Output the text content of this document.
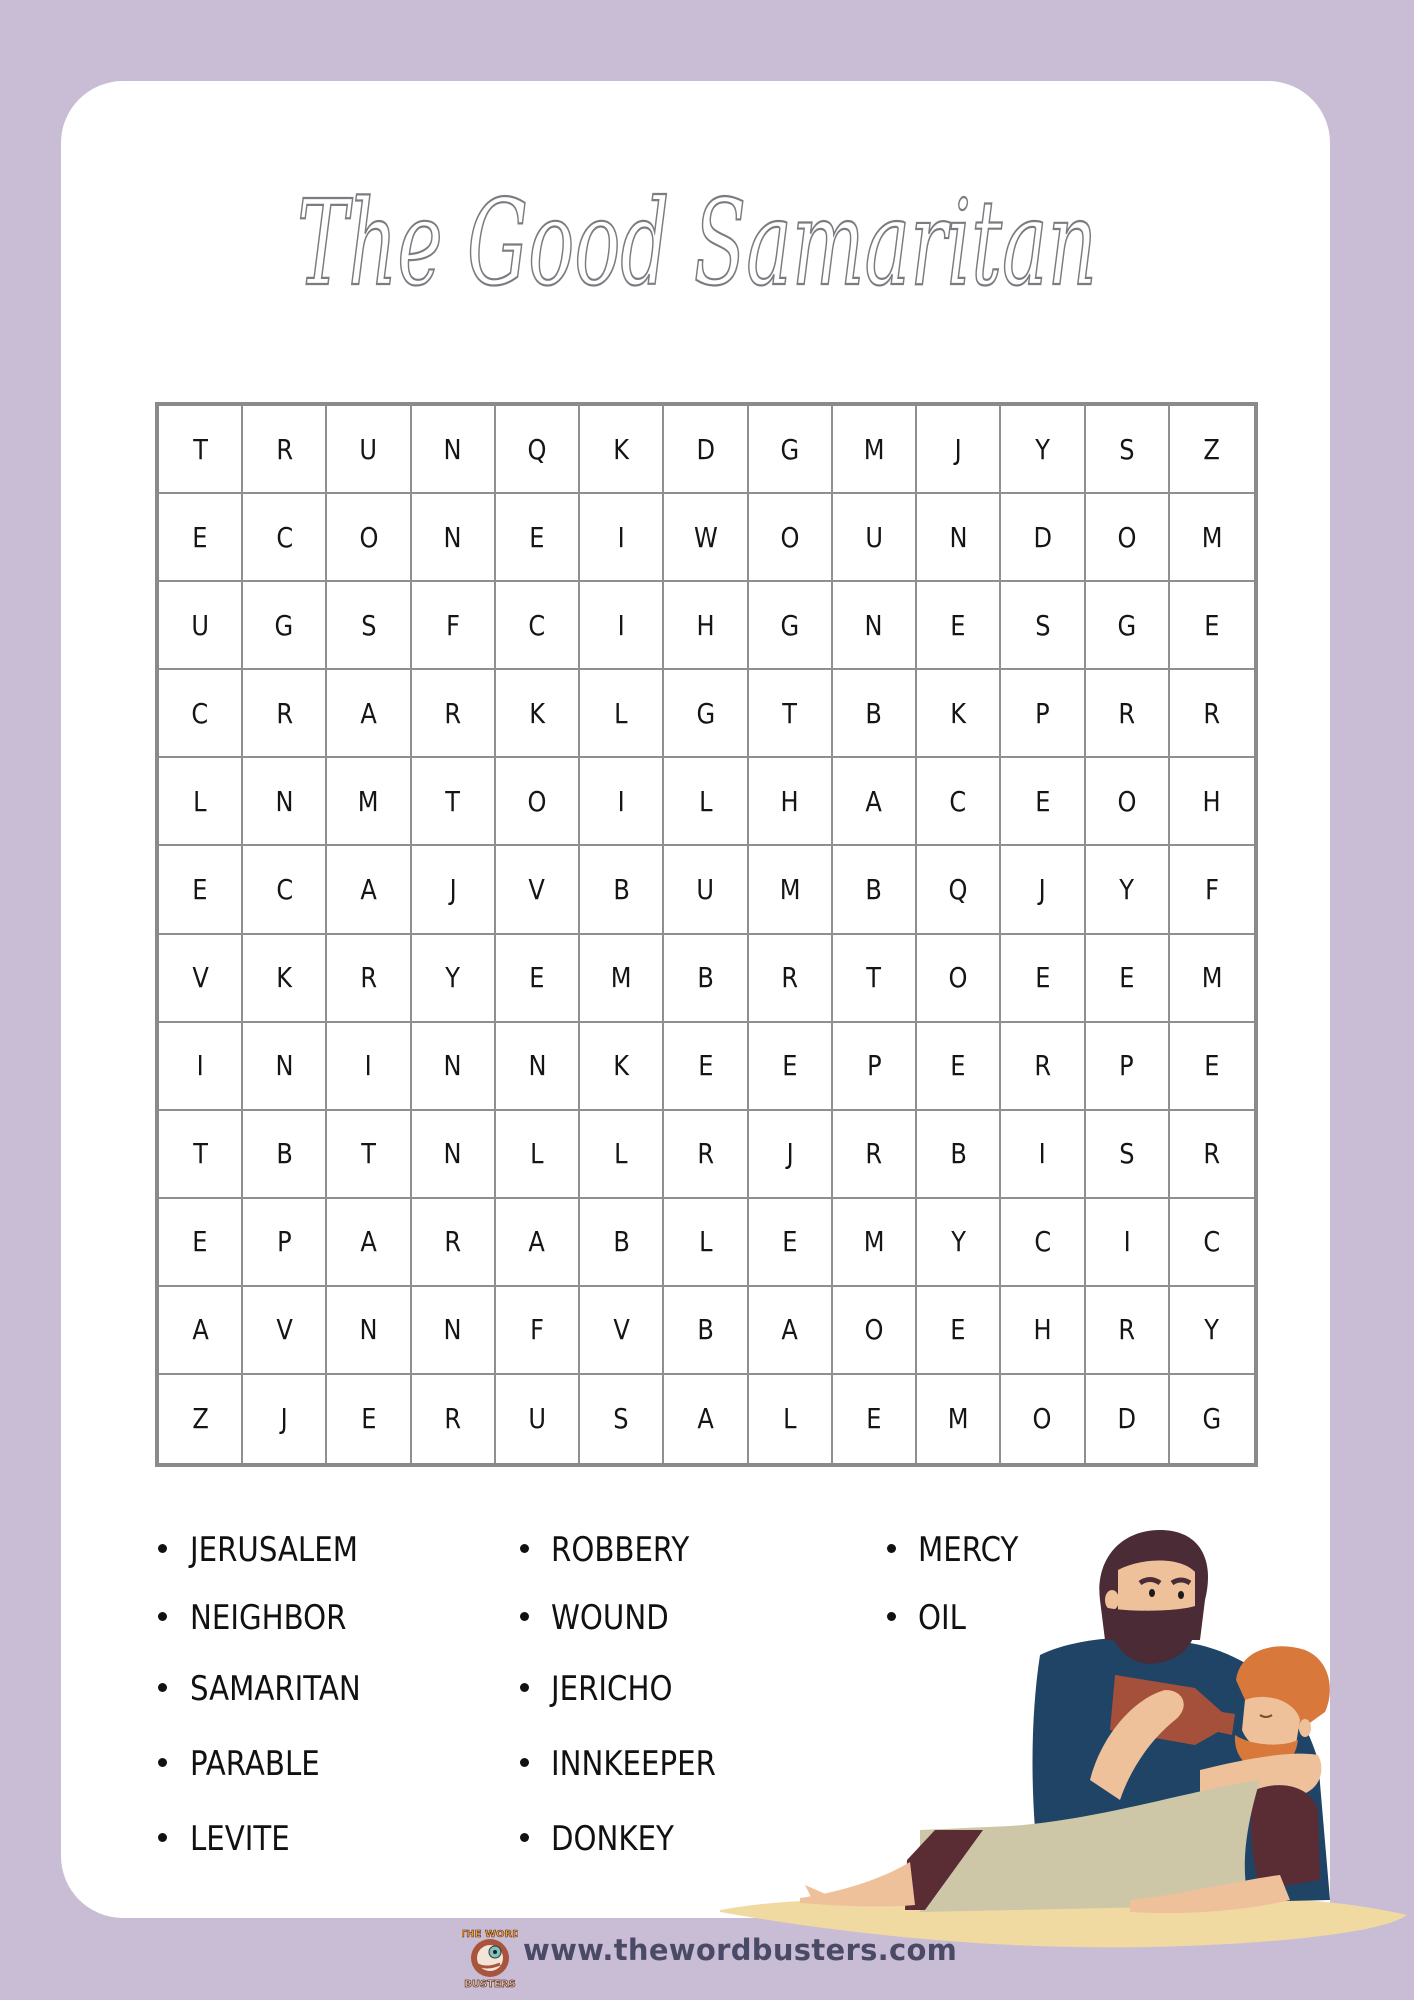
The Good Samaritan
T R U N Q K D G M	J	Y S Z
E C O N E	I W O U N D O M
U G S F C	I	H G N E S G E
C R A R K L G T B K P R R
L N M T O	I	L H A C E O H
E C A	J	V B U M B Q	J	Y	F
V K R Y E M B R T O E E M
I	N	I	N N K E E P E R P	E
T B T N L	L R	J	R B	I	S R
E P A R A B L E M Y C	I	C
A V N N F V B A O E H R Y
Z	J	E R U S A L E M O D G
JERUSALEM
NEIGHBOR
SAMARITAN
PARABLE
LEVITE
ROBBERY
WOUND
JERICHO
INNKEEPER
DONKEY
MERCY
OIL
THE WORD
BUSTERS
www.thewordbusters.com
